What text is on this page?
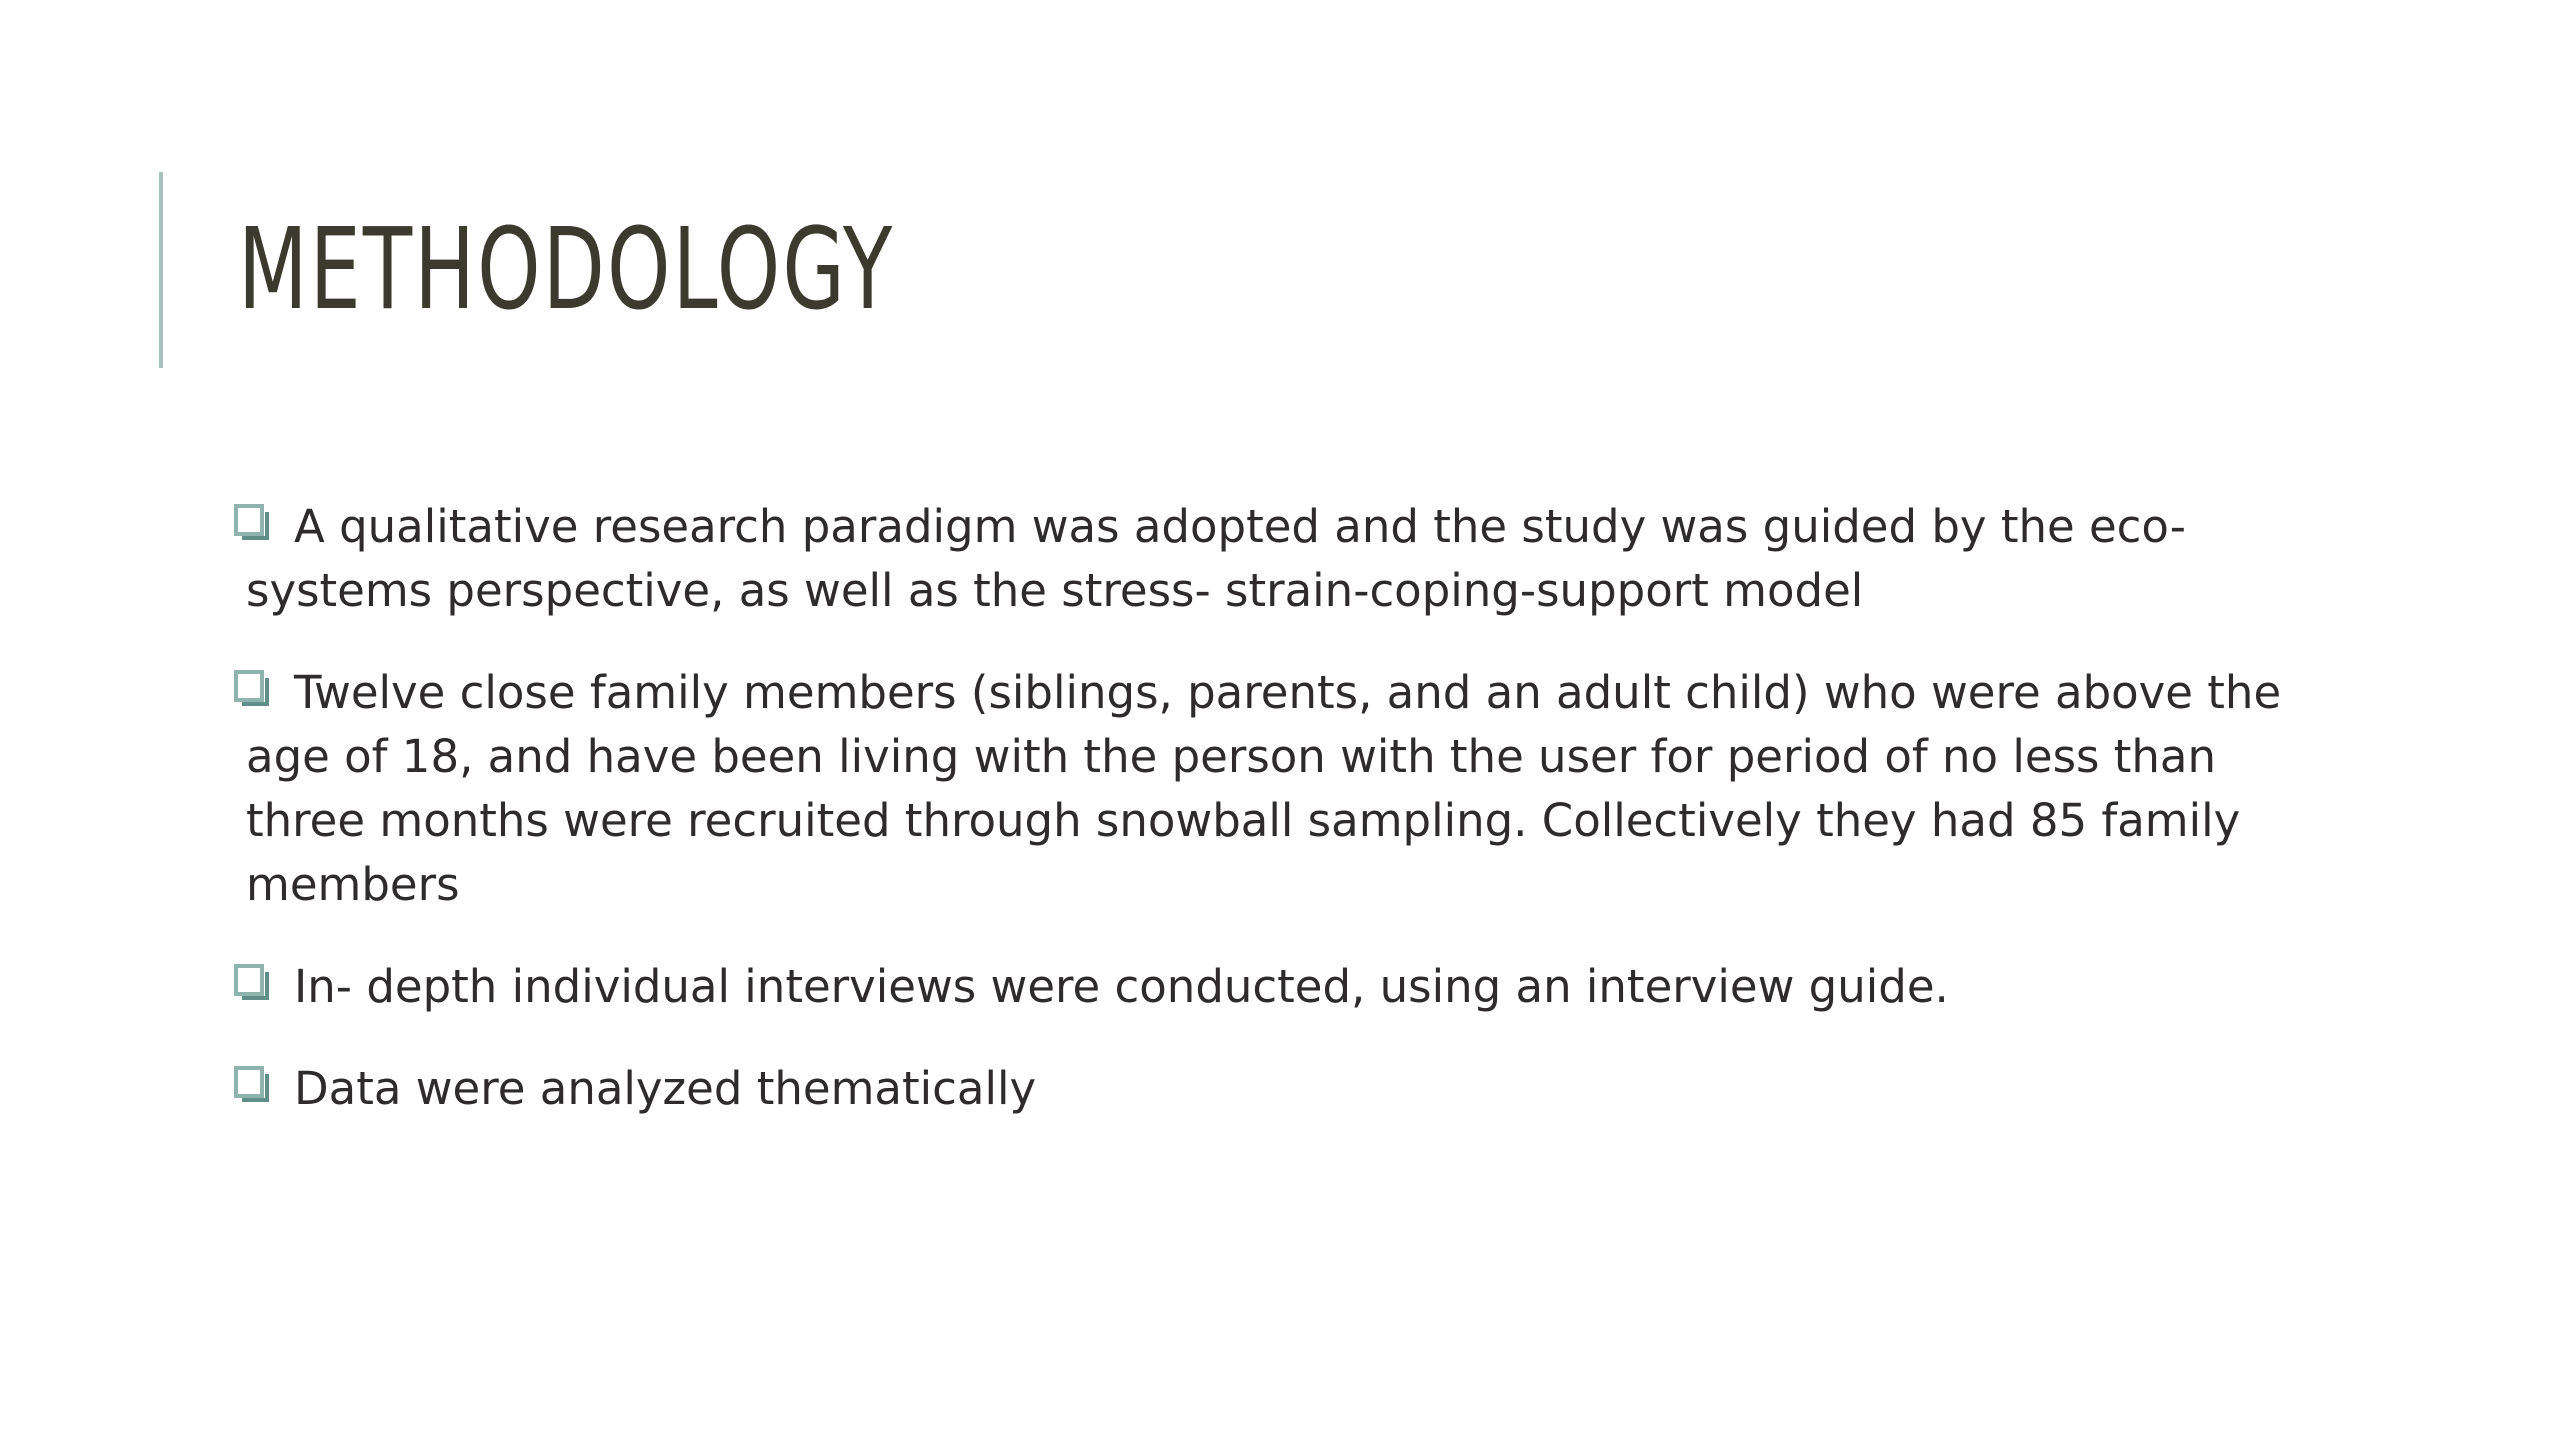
METHODOLOGY
A qualitative research paradigm was adopted and the study was guided by the eco-systems perspective, as well as the stress- strain-coping-support model
Twelve close family members (siblings, parents, and an adult child) who were above the age of 18, and have been living with the person with the user for period of no less than three months were recruited through snowball sampling. Collectively they had 85 family members
In- depth individual interviews were conducted, using an interview guide.
Data were analyzed thematically
